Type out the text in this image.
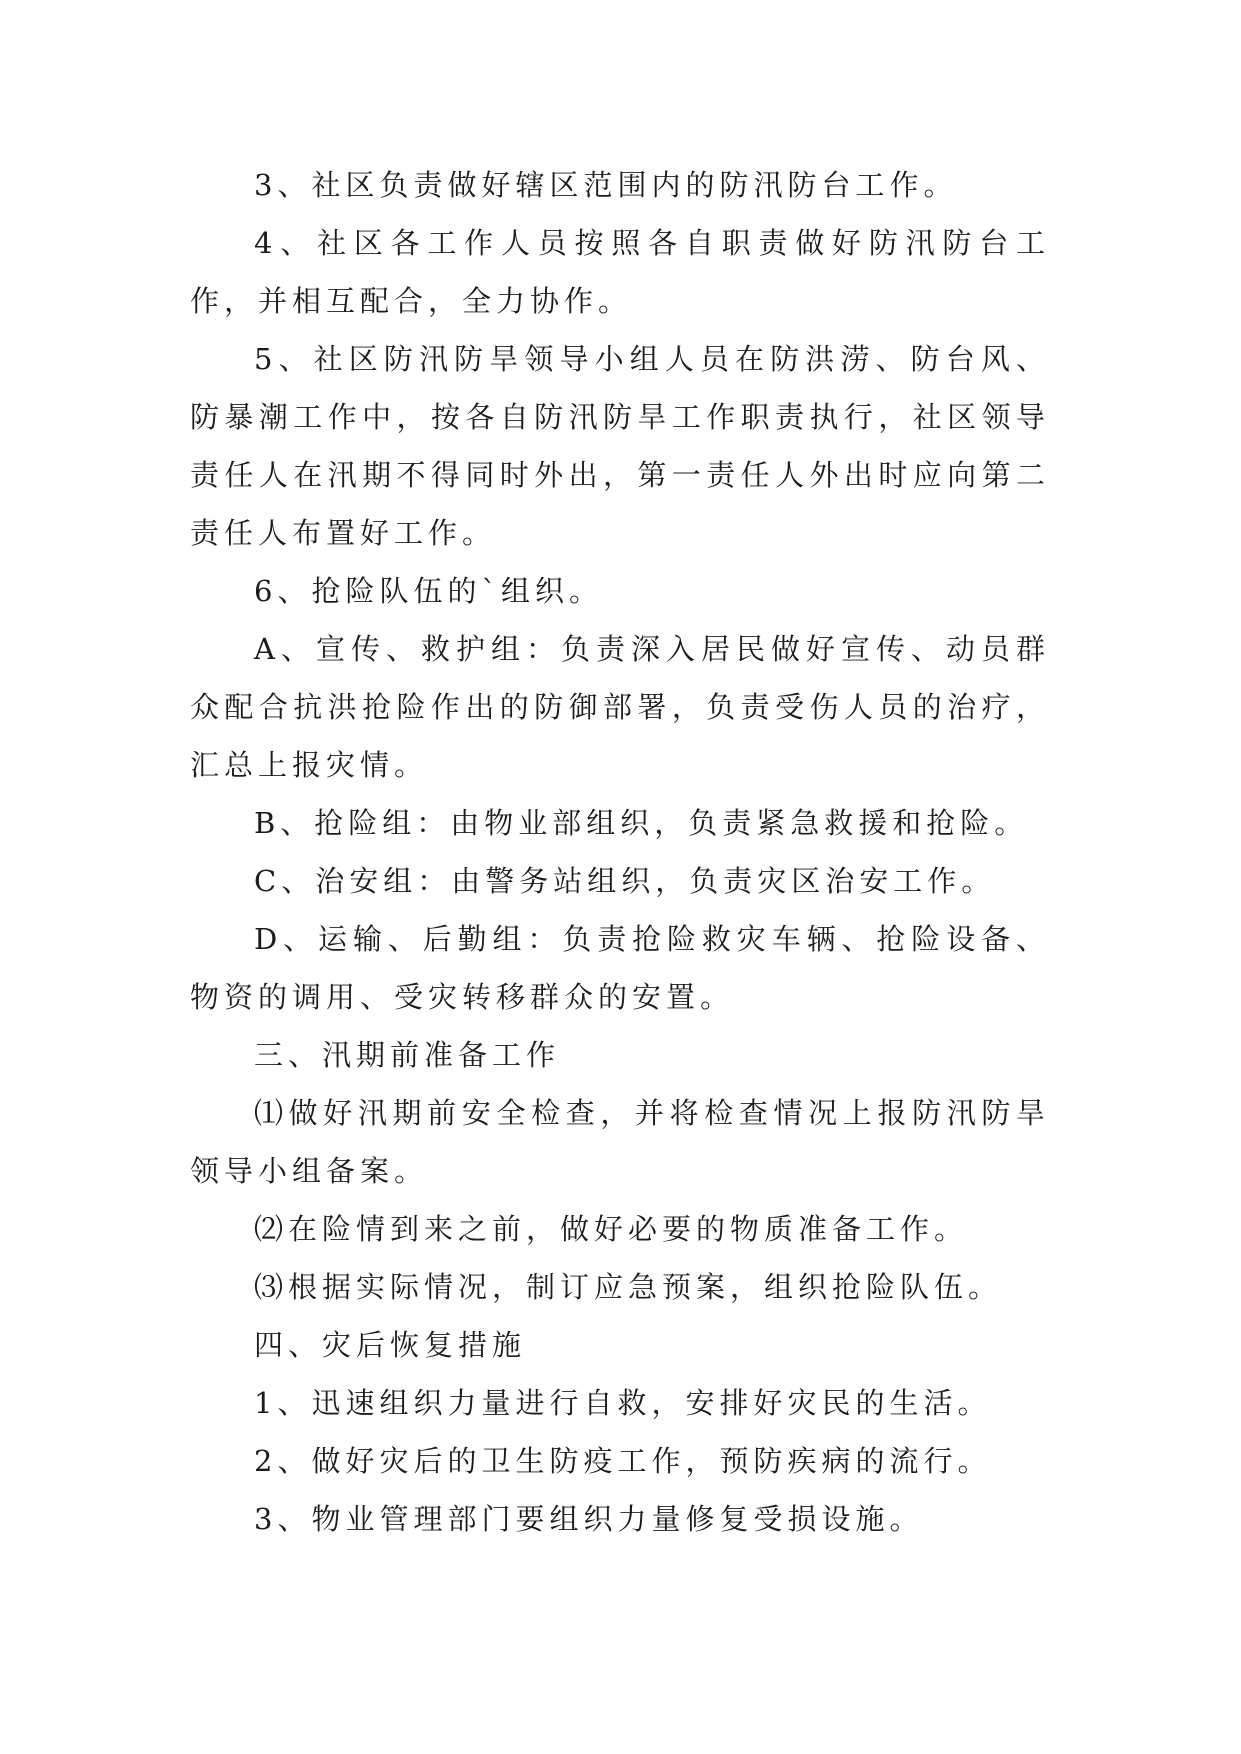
3、社区负责做好辖区范围内的防汛防台工作。

4、社区各工作人员按照各自职责做好防汛防台工作，并相互配合，全力协作。

5、社区防汛防旱领导小组人员在防洪涝、防台风、防暴潮工作中，按各自防汛防旱工作职责执行，社区领导责任人在汛期不得同时外出，第一责任人外出时应向第二责任人布置好工作。

6、抢险队伍的`组织。

A、宣传、救护组：负责深入居民做好宣传、动员群众配合抗洪抢险作出的防御部署，负责受伤人员的治疗，汇总上报灾情。

B、抢险组：由物业部组织，负责紧急救援和抢险。

C、治安组：由警务站组织，负责灾区治安工作。

D、运输、后勤组：负责抢险救灾车辆、抢险设备、物资的调用、受灾转移群众的安置。

三、汛期前准备工作

⑴做好汛期前安全检查，并将检查情况上报防汛防旱领导小组备案。

⑵在险情到来之前，做好必要的物质准备工作。

⑶根据实际情况，制订应急预案，组织抢险队伍。

四、灾后恢复措施

1、迅速组织力量进行自救，安排好灾民的生活。

2、做好灾后的卫生防疫工作，预防疾病的流行。

3、物业管理部门要组织力量修复受损设施。
